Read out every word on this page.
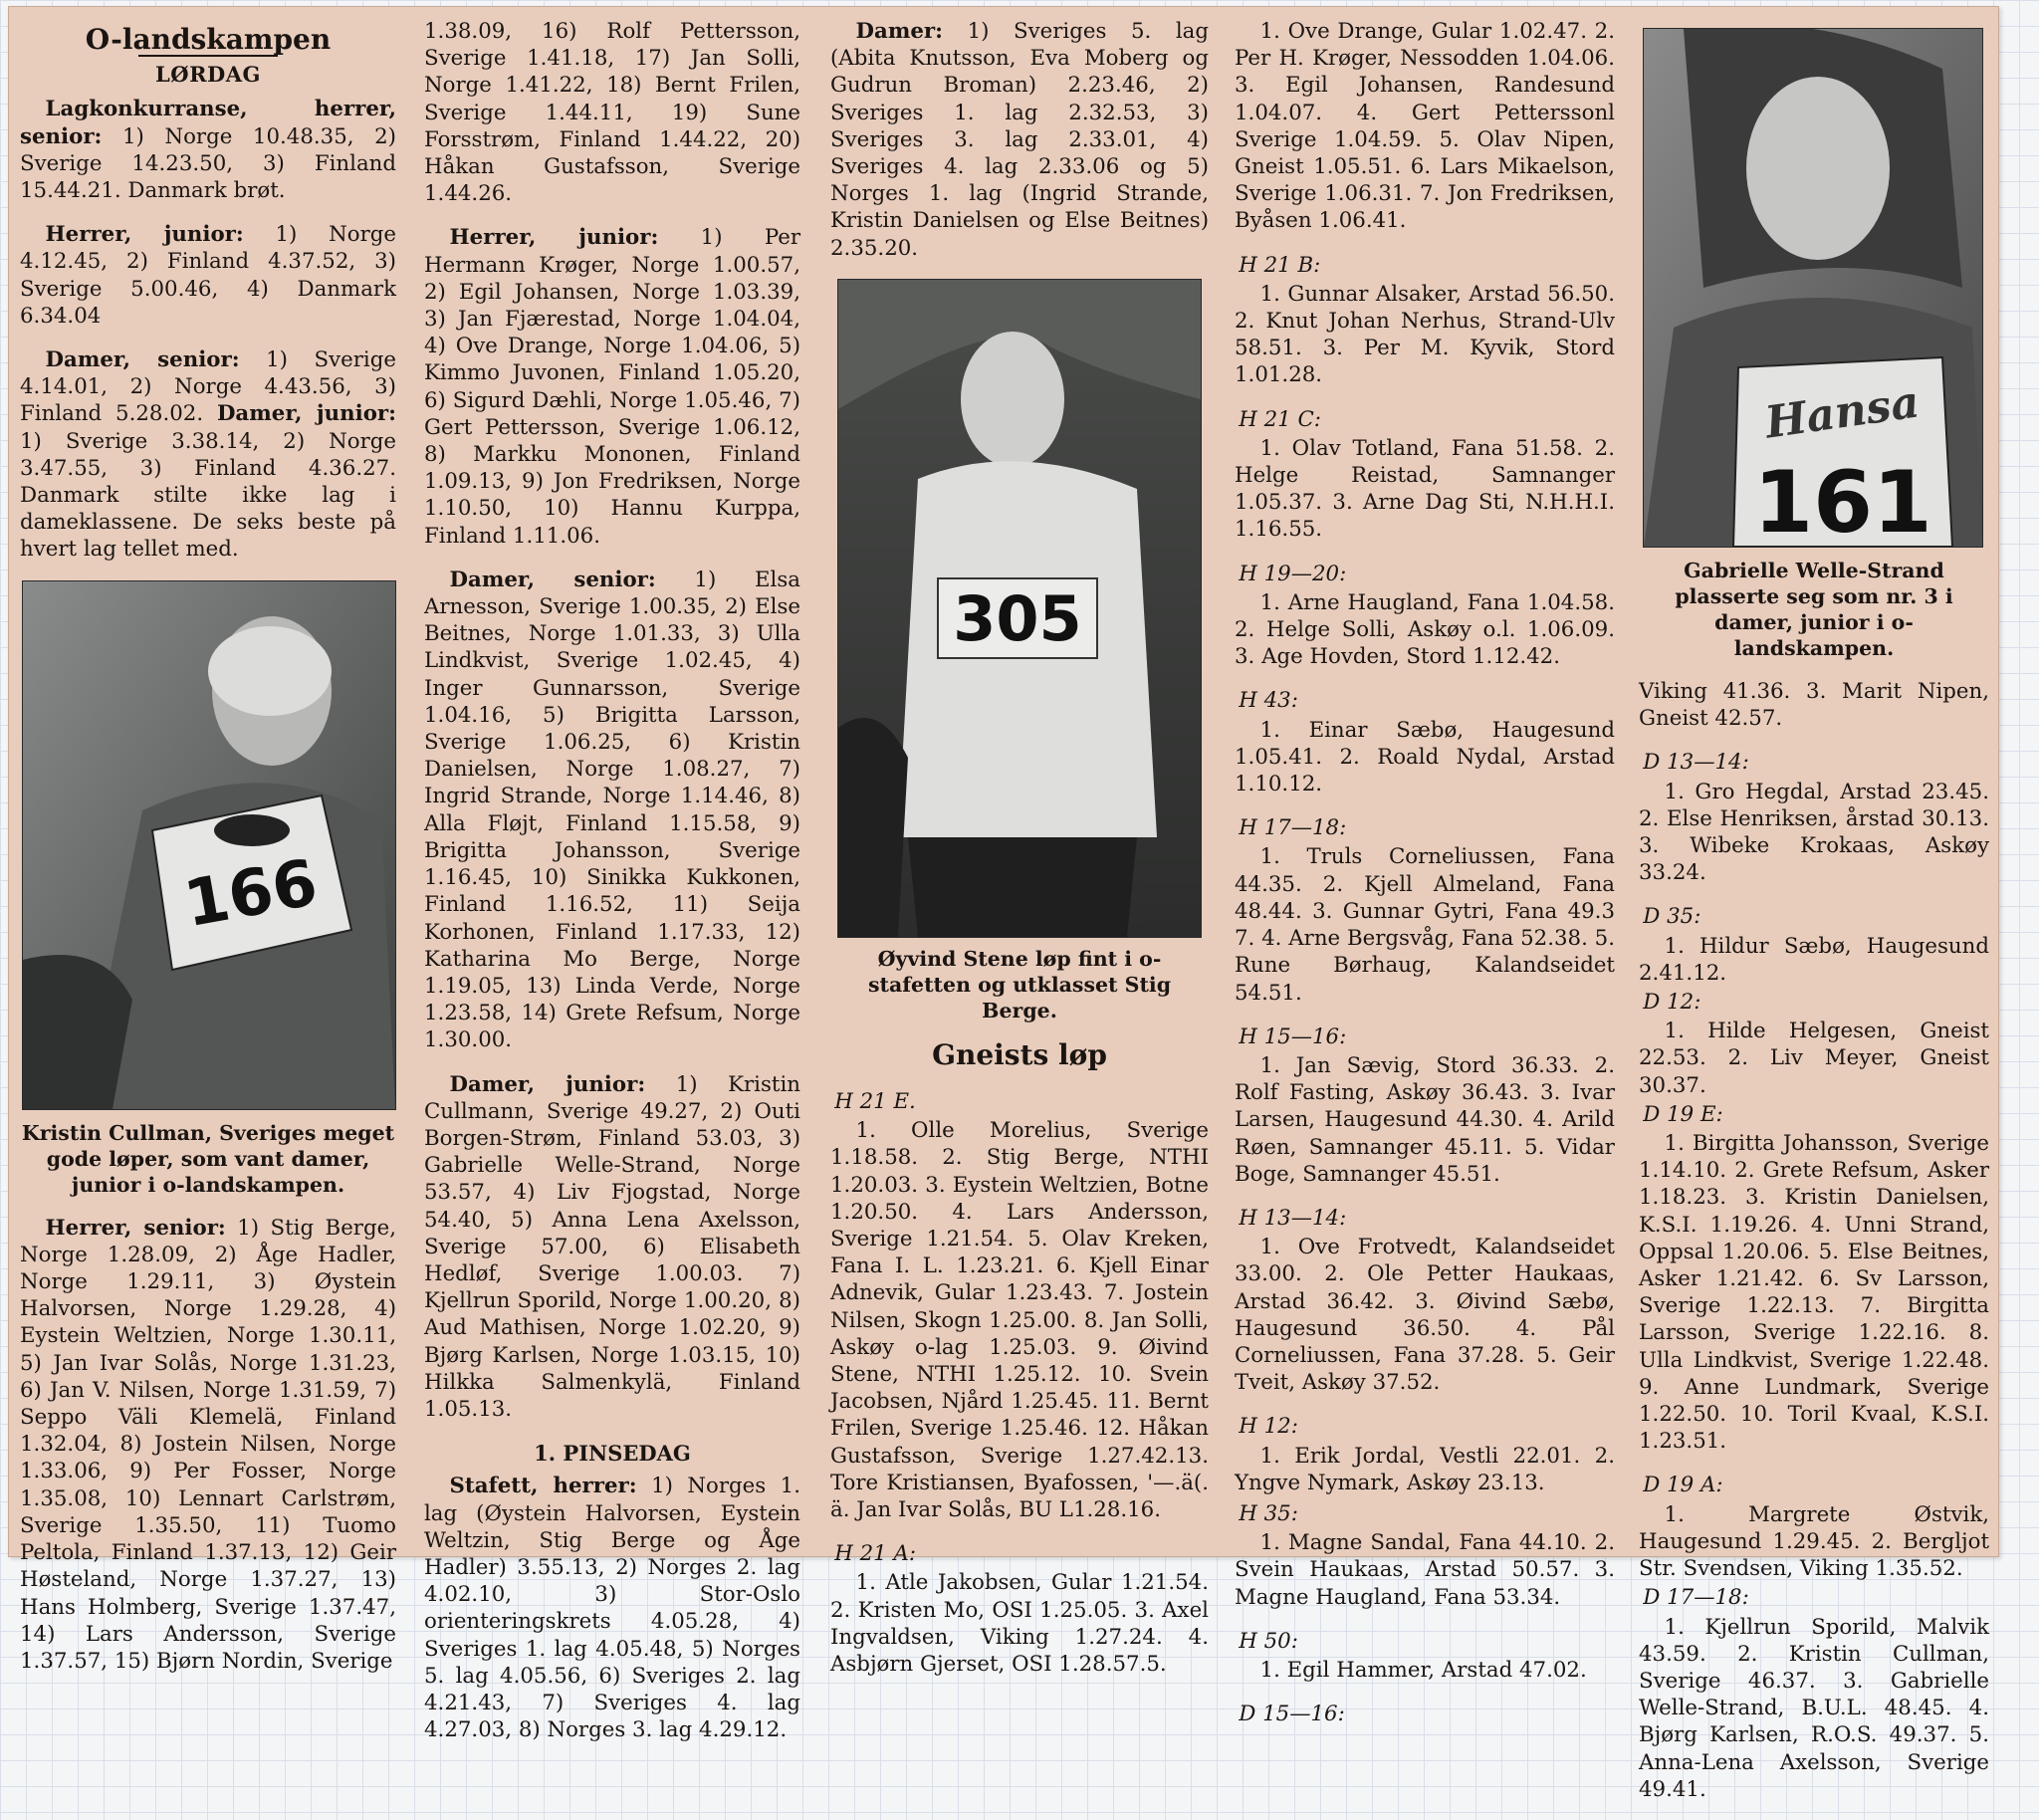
O-landskampen
LØRDAG

Lagkonkurranse, herrer, senior: 1) Norge 10.48.35, 2) Sverige 14.23.50, 3) Finland 15.44.21. Danmark brøt.

Herrer, junior: 1) Norge 4.12.45, 2) Finland 4.37.52, 3) Sverige 5.00.46, 4) Danmark 6.34.04

Damer, senior: 1) Sverige 4.14.01, 2) Norge 4.43.56, 3) Finland 5.28.02. Damer, junior: 1) Sverige 3.38.14, 2) Norge 3.47.55, 3) Finland 4.36.27. Danmark stilte ikke lag i dameklassene. De seks beste på hvert lag tellet med.

166

Kristin Cullman, Sveriges meget gode løper, som vant damer, junior i o-landskampen.

Herrer, senior: 1) Stig Berge, Norge 1.28.09, 2) Åge Hadler, Norge 1.29.11, 3) Øystein Halvorsen, Norge 1.29.28, 4) Eystein Weltzien, Norge 1.30.11, 5) Jan Ivar Solås, Norge 1.31.23, 6) Jan V. Nilsen, Norge 1.31.59, 7) Seppo Väli Klemelä, Finland 1.32.04, 8) Jostein Nilsen, Norge 1.33.06, 9) Per Fosser, Norge 1.35.08, 10) Lennart Carlstrøm, Sverige 1.35.50, 11) Tuomo Peltola, Finland 1.37.13, 12) Geir Høsteland, Norge 1.37.27, 13) Hans Holmberg, Sverige 1.37.47, 14) Lars Andersson, Sverige 1.37.57, 15) Bjørn Nordin, Sverige

1.38.09, 16) Rolf Pettersson, Sverige 1.41.18, 17) Jan Solli, Norge 1.41.22, 18) Bernt Frilen, Sverige 1.44.11, 19) Sune Forsstrøm, Finland 1.44.22, 20) Håkan Gustafsson, Sverige 1.44.26.

Herrer, junior: 1) Per Hermann Krøger, Norge 1.00.57, 2) Egil Johansen, Norge 1.03.39, 3) Jan Fjærestad, Norge 1.04.04, 4) Ove Drange, Norge 1.04.06, 5) Kimmo Juvonen, Finland 1.05.20, 6) Sigurd Dæhli, Norge 1.05.46, 7) Gert Pettersson, Sverige 1.06.12, 8) Markku Mononen, Finland 1.09.13, 9) Jon Fredriksen, Norge 1.10.50, 10) Hannu Kurppa, Finland 1.11.06.

Damer, senior: 1) Elsa Arnesson, Sverige 1.00.35, 2) Else Beitnes, Norge 1.01.33, 3) Ulla Lindkvist, Sverige 1.02.45, 4) Inger Gunnarsson, Sverige 1.04.16, 5) Brigitta Larsson, Sverige 1.06.25, 6) Kristin Danielsen, Norge 1.08.27, 7) Ingrid Strande, Norge 1.14.46, 8) Alla Fløjt, Finland 1.15.58, 9) Brigitta Johansson, Sverige 1.16.45, 10) Sinikka Kukkonen, Finland 1.16.52, 11) Seija Korhonen, Finland 1.17.33, 12) Katharina Mo Berge, Norge 1.19.05, 13) Linda Verde, Norge 1.23.58, 14) Grete Refsum, Norge 1.30.00.

Damer, junior: 1) Kristin Cullmann, Sverige 49.27, 2) Outi Borgen-Strøm, Finland 53.03, 3) Gabrielle Welle-Strand, Norge 53.57, 4) Liv Fjogstad, Norge 54.40, 5) Anna Lena Axelsson, Sverige 57.00, 6) Elisabeth Hedløf, Sverige 1.00.03. 7) Kjellrun Sporild, Norge 1.00.20, 8) Aud Mathisen, Norge 1.02.20, 9) Bjørg Karlsen, Norge 1.03.15, 10) Hilkka Salmenkylä, Finland 1.05.13.

1. PINSEDAG

Stafett, herrer: 1) Norges 1. lag (Øystein Halvorsen, Eystein Weltzin, Stig Berge og Åge Hadler) 3.55.13, 2) Norges 2. lag 4.02.10, 3) Stor-Oslo orienteringskrets 4.05.28, 4) Sveriges 1. lag 4.05.48, 5) Norges 5. lag 4.05.56, 6) Sveriges 2. lag 4.21.43, 7) Sveriges 4. lag 4.27.03, 8) Norges 3. lag 4.29.12.

Damer: 1) Sveriges 5. lag (Abita Knutsson, Eva Moberg og Gudrun Broman) 2.23.46, 2) Sveriges 1. lag 2.32.53, 3) Sveriges 3. lag 2.33.01, 4) Sveriges 4. lag 2.33.06 og 5) Norges 1. lag (Ingrid Strande, Kristin Danielsen og Else Beitnes) 2.35.20.

305

Øyvind Stene løp fint i o-stafetten og utklasset Stig Berge.

Gneists løp
H 21 E.

1. Olle Morelius, Sverige 1.18.58. 2. Stig Berge, NTHI 1.20.03. 3. Eystein Weltzien, Botne 1.20.50. 4. Lars Andersson, Sverige 1.21.54. 5. Olav Kreken, Fana I. L. 1.23.21. 6. Kjell Einar Adnevik, Gular 1.23.43. 7. Jostein Nilsen, Skogn 1.25.00. 8. Jan Solli, Askøy o-lag 1.25.03. 9. Øivind Stene, NTHI 1.25.12. 10. Svein Jacobsen, Njård 1.25.45. 11. Bernt Frilen, Sverige 1.25.46. 12. Håkan Gustafsson, Sverige 1.27.42.13. Tore Kristiansen, Byafossen, '—.ä(. ä. Jan Ivar Solås, BU L1.28.16.

H 21 A:

1. Atle Jakobsen, Gular 1.21.54. 2. Kristen Mo, OSI 1.25.05. 3. Axel Ingvaldsen, Viking 1.27.24. 4. Asbjørn Gjerset, OSI 1.28.57.5.

1. Ove Drange, Gular 1.02.47. 2. Per H. Krøger, Nessodden 1.04.06. 3. Egil Johansen, Randesund 1.04.07. 4. Gert Petterssonl Sverige 1.04.59. 5. Olav Nipen, Gneist 1.05.51. 6. Lars Mikaelson, Sverige 1.06.31. 7. Jon Fredriksen, Byåsen 1.06.41.

H 21 B:

1. Gunnar Alsaker, Arstad 56.50. 2. Knut Johan Nerhus, Strand-Ulv 58.51. 3. Per M. Kyvik, Stord 1.01.28.

H 21 C:

1. Olav Totland, Fana 51.58. 2. Helge Reistad, Samnanger 1.05.37. 3. Arne Dag Sti, N.H.H.I. 1.16.55.

H 19—20:

1. Arne Haugland, Fana 1.04.58. 2. Helge Solli, Askøy o.l. 1.06.09. 3. Age Hovden, Stord 1.12.42.

H 43:

1. Einar Sæbø, Haugesund 1.05.41. 2. Roald Nydal, Arstad 1.10.12.

H 17—18:

1. Truls Corneliussen, Fana 44.35. 2. Kjell Almeland, Fana 48.44. 3. Gunnar Gytri, Fana 49.3 7. 4. Arne Bergsvåg, Fana 52.38. 5. Rune Børhaug, Kalandseidet 54.51.

H 15—16:

1. Jan Sævig, Stord 36.33. 2. Rolf Fasting, Askøy 36.43. 3. Ivar Larsen, Haugesund 44.30. 4. Arild Røen, Samnanger 45.11. 5. Vidar Boge, Samnanger 45.51.

H 13—14:

1. Ove Frotvedt, Kalandseidet 33.00. 2. Ole Petter Haukaas, Arstad 36.42. 3. Øivind Sæbø, Haugesund 36.50. 4. Pål Corneliussen, Fana 37.28. 5. Geir Tveit, Askøy 37.52.

H 12:

1. Erik Jordal, Vestli 22.01. 2. Yngve Nymark, Askøy 23.13.

H 35:

1. Magne Sandal, Fana 44.10. 2. Svein Haukaas, Arstad 50.57. 3. Magne Haugland, Fana 53.34.

H 50:

1. Egil Hammer, Arstad 47.02.

D 15—16:
Hansa
161

Gabrielle Welle-Strand plasserte seg som nr. 3 i damer, junior i o-landskampen.

Viking 41.36. 3. Marit Nipen, Gneist 42.57.

D 13—14:

1. Gro Hegdal, Arstad 23.45. 2. Else Henriksen, årstad 30.13. 3. Wibeke Krokaas, Askøy 33.24.

D 35:

1. Hildur Sæbø, Haugesund 2.41.12.

D 12:

1. Hilde Helgesen, Gneist 22.53. 2. Liv Meyer, Gneist 30.37.

D 19 E:

1. Birgitta Johansson, Sverige 1.14.10. 2. Grete Refsum, Asker 1.18.23. 3. Kristin Danielsen, K.S.I. 1.19.26. 4. Unni Strand, Oppsal 1.20.06. 5. Else Beitnes, Asker 1.21.42. 6. Sv Larsson, Sverige 1.22.13. 7. Birgitta Larsson, Sverige 1.22.16. 8. Ulla Lindkvist, Sverige 1.22.48. 9. Anne Lundmark, Sverige 1.22.50. 10. Toril Kvaal, K.S.I. 1.23.51.

D 19 A:

1. Margrete Østvik, Haugesund 1.29.45. 2. Bergljot Str. Svendsen, Viking 1.35.52.

D 17—18:

1. Kjellrun Sporild, Malvik 43.59. 2. Kristin Cullman, Sverige 46.37. 3. Gabrielle Welle-Strand, B.U.L. 48.45. 4. Bjørg Karlsen, R.O.S. 49.37. 5. Anna-Lena Axelsson, Sverige 49.41.
